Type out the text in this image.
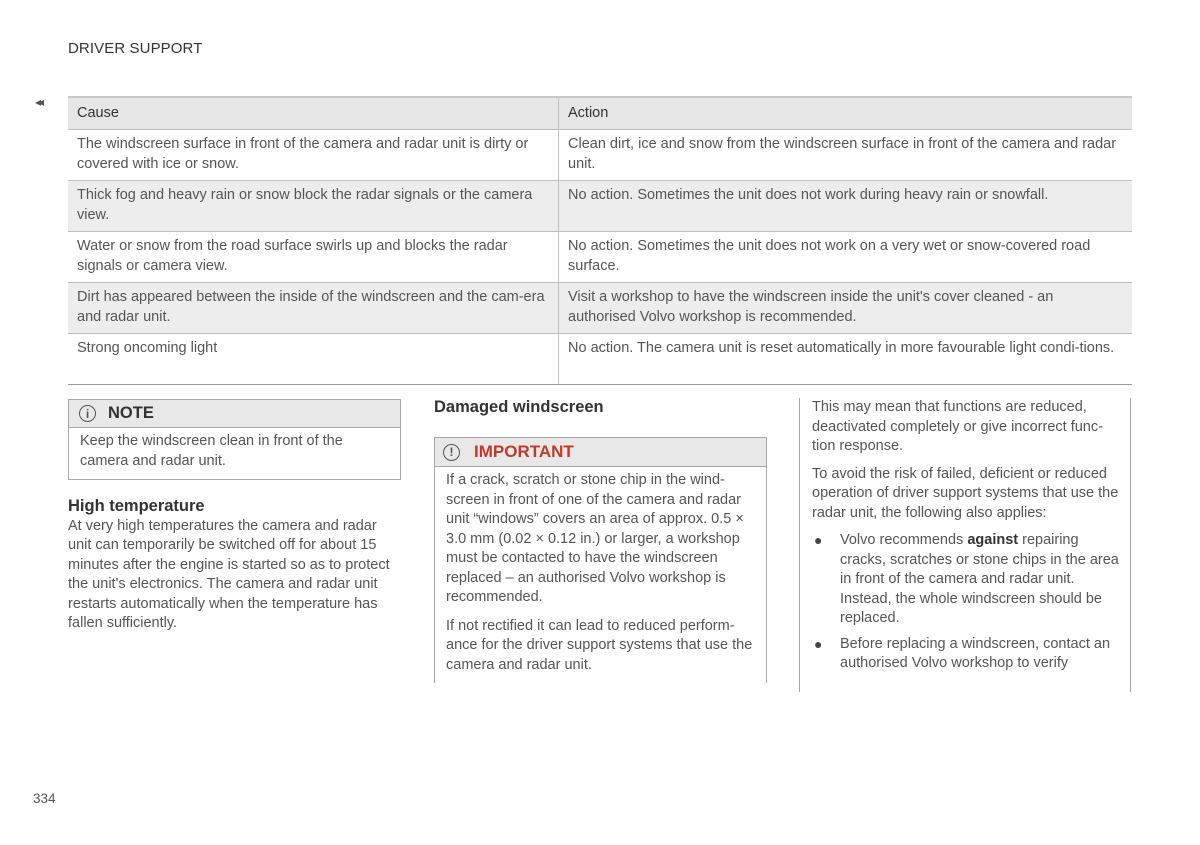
DRIVER SUPPORT
◂◂
Cause	Action
The windscreen surface in front of the camera and radar unit is dirty or covered with ice or snow.	Clean dirt, ice and snow from the windscreen surface in front of the camera and radar unit.
Thick fog and heavy rain or snow block the radar signals or the camera view.	No action. Sometimes the unit does not work during heavy rain or snowfall.
Water or snow from the road surface swirls up and blocks the radar signals or camera view.	No action. Sometimes the unit does not work on a very wet or snow-covered road surface.
Dirt has appeared between the inside of the windscreen and the cam-era and radar unit.	Visit a workshop to have the windscreen inside the unit's cover cleaned - an authorised Volvo workshop is recommended.
Strong oncoming light	No action. The camera unit is reset automatically in more favourable light condi-tions.
i	NOTE
Keep the windscreen clean in front of the camera and radar unit.
High temperature
At very high temperatures the camera and radar unit can temporarily be switched off for about 15 minutes after the engine is started so as to protect the unit's electronics. The camera and radar unit restarts automatically when the temperature has fallen sufficiently.
Damaged windscreen
!	IMPORTANT

If a crack, scratch or stone chip in the wind-screen in front of one of the camera and radar unit “windows” covers an area of approx. 0.5 × 3.0 mm (0.02 × 0.12 in.) or larger, a workshop must be contacted to have the windscreen replaced – an authorised Volvo workshop is recommended.

If not rectified it can lead to reduced perform-ance for the driver support systems that use the camera and radar unit.

This may mean that functions are reduced, deactivated completely or give incorrect func-tion response.

To avoid the risk of failed, deficient or reduced operation of driver support systems that use the radar unit, the following also applies:

● Volvo recommends against repairing cracks, scratches or stone chips in the area in front of the camera and radar unit. Instead, the whole windscreen should be replaced.
● Before replacing a windscreen, contact an authorised Volvo workshop to verify
334
